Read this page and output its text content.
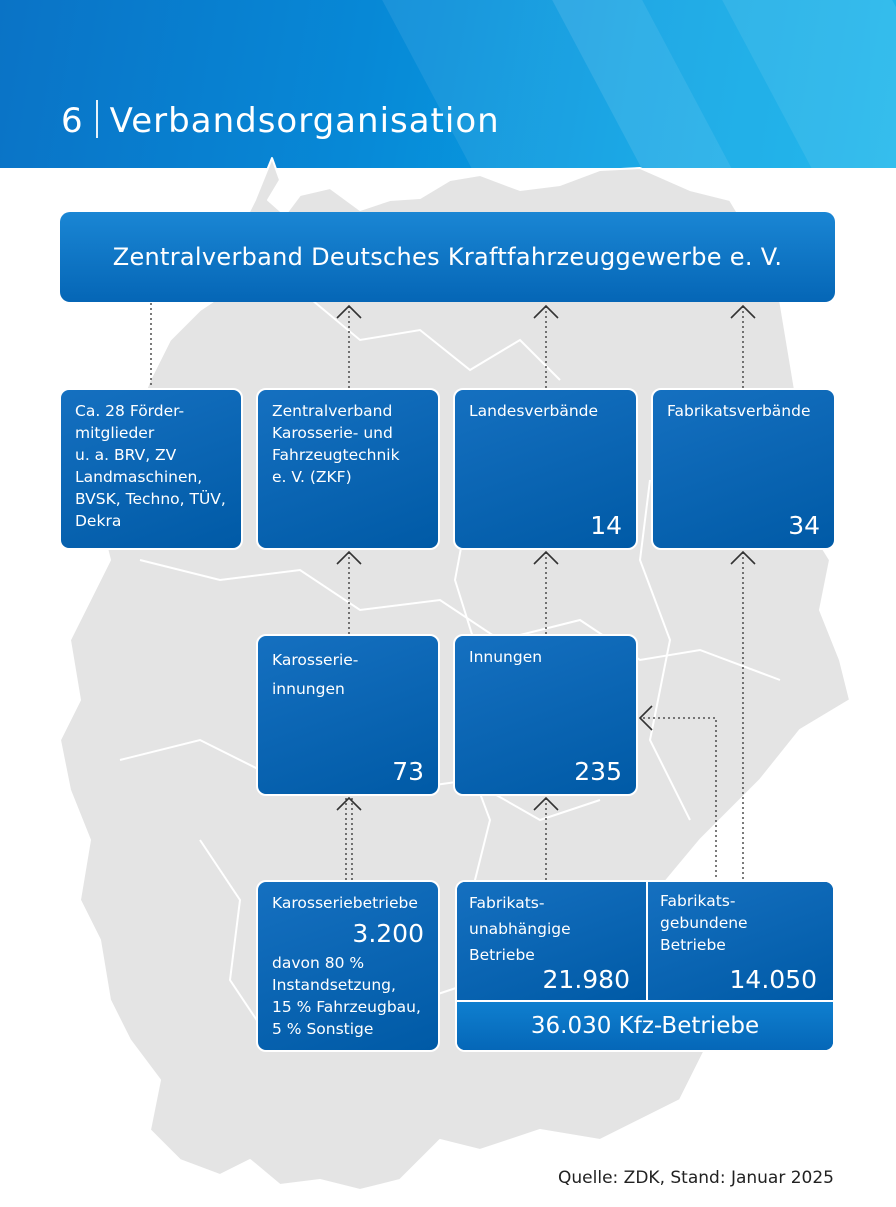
6 Verbandsorganisation
Zentralverband Deutsches Kraftfahrzeuggewerbe e. V.
Ca. 28 Förder-
mitglieder
u. a. BRV, ZV
Landmaschinen,
BVSK, Techno, TÜV,
Dekra
Zentralverband
Karosserie- und
Fahrzeugtechnik
e. V. (ZKF)
Landesverbände
14
Fabrikatsverbände
34
Karosserie-
innungen
73
Innungen
235
Karosseriebetriebe
3.200
davon 80 %
Instandsetzung,
15 % Fahrzeugbau,
5 % Sonstige
Fabrikats-
unabhängige
Betriebe
21.980
Fabrikats-
gebundene
Betriebe
14.050
36.030 Kfz-Betriebe
Quelle: ZDK, Stand: Januar 2025
